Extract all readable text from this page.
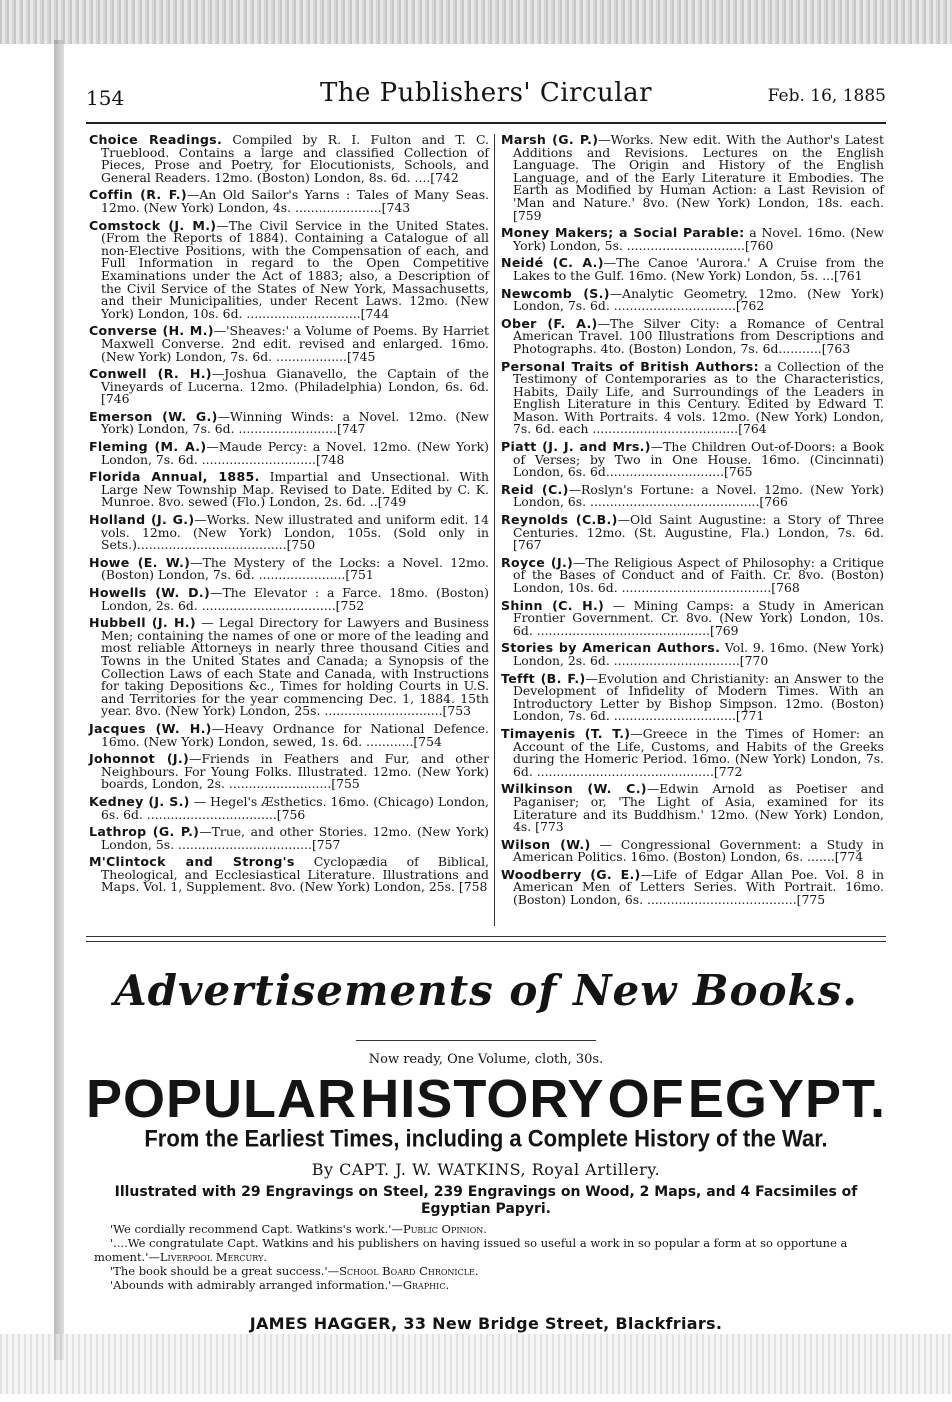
154	The Publishers' Circular	Feb. 16, 1885
Choice Readings. Compiled by R. I. Fulton and T. C. Trueblood. Contains a large and classified Collection of Pieces, Prose and Poetry, for Elocutionists, Schools, and General Readers. 12mo. (Boston) London, 8s. 6d. ....[742
Coffin (R. F.)—An Old Sailor's Yarns : Tales of Many Seas. 12mo. (New York) London, 4s. ......................[743
Comstock (J. M.)—The Civil Service in the United States. (From the Reports of 1884). Containing a Catalogue of all non-Elective Positions, with the Compensation of each, and Full Information in regard to the Open Competitive Examinations under the Act of 1883; also, a Description of the Civil Service of the States of New York, Massachusetts, and their Municipalities, under Recent Laws. 12mo. (New York) London, 10s. 6d. .............................[744
Converse (H. M.)—'Sheaves:' a Volume of Poems. By Harriet Maxwell Converse. 2nd edit. revised and enlarged. 16mo. (New York) London, 7s. 6d. ..................[745
Conwell (R. H.)—Joshua Gianavello, the Captain of the Vineyards of Lucerna. 12mo. (Philadelphia) London, 6s. 6d. [746
Emerson (W. G.)—Winning Winds: a Novel. 12mo. (New York) London, 7s. 6d. .........................[747
Fleming (M. A.)—Maude Percy: a Novel. 12mo. (New York) London, 7s. 6d. .............................[748
Florida Annual, 1885. Impartial and Unsectional. With Large New Township Map. Revised to Date. Edited by C. K. Munroe. 8vo. sewed (Flo.) London, 2s. 6d. ..[749
Holland (J. G.)—Works. New illustrated and uniform edit. 14 vols. 12mo. (New York) London, 105s. (Sold only in Sets.)......................................[750
Howe (E. W.)—The Mystery of the Locks: a Novel. 12mo. (Boston) London, 7s. 6d. ......................[751
Howells (W. D.)—The Elevator : a Farce. 18mo. (Boston) London, 2s. 6d. ..................................[752
Hubbell (J. H.) — Legal Directory for Lawyers and Business Men; containing the names of one or more of the leading and most reliable Attorneys in nearly three thousand Cities and Towns in the United States and Canada; a Synopsis of the Collection Laws of each State and Canada, with Instructions for taking Depositions &c., Times for holding Courts in U.S. and Territories for the year commencing Dec. 1, 1884. 15th year. 8vo. (New York) London, 25s. ..............................[753
Jacques (W. H.)—Heavy Ordnance for National Defence. 16mo. (New York) London, sewed, 1s. 6d. ............[754
Johonnot (J.)—Friends in Feathers and Fur, and other Neighbours. For Young Folks. Illustrated. 12mo. (New York) boards, London, 2s. ..........................[755
Kedney (J. S.) — Hegel's Æsthetics. 16mo. (Chicago) London, 6s. 6d. .................................[756
Lathrop (G. P.)—True, and other Stories. 12mo. (New York) London, 5s. ..................................[757
M'Clintock and Strong's Cyclopædia of Biblical, Theological, and Ecclesiastical Literature. Illustrations and Maps. Vol. 1, Supplement. 8vo. (New York) London, 25s. [758
Marsh (G. P.)—Works. New edit. With the Author's Latest Additions and Revisions. Lectures on the English Language. The Origin and History of the English Language, and of the Early Literature it Embodies. The Earth as Modified by Human Action: a Last Revision of 'Man and Nature.' 8vo. (New York) London, 18s. each. [759
Money Makers; a Social Parable: a Novel. 16mo. (New York) London, 5s. ..............................[760
Neidé (C. A.)—The Canoe 'Aurora.' A Cruise from the Lakes to the Gulf. 16mo. (New York) London, 5s. ...[761
Newcomb (S.)—Analytic Geometry. 12mo. (New York) London, 7s. 6d. ...............................[762
Ober (F. A.)—The Silver City: a Romance of Central American Travel. 100 Illustrations from Descriptions and Photographs. 4to. (Boston) London, 7s. 6d...........[763
Personal Traits of British Authors: a Collection of the Testimony of Contemporaries as to the Characteristics, Habits, Daily Life, and Surroundings of the Leaders in English Literature in this Century. Edited by Edward T. Mason. With Portraits. 4 vols. 12mo. (New York) London, 7s. 6d. each .....................................[764
Piatt (J. J. and Mrs.)—The Children Out-of-Doors: a Book of Verses; by Two in One House. 16mo. (Cincinnati) London, 6s. 6d..............................[765
Reid (C.)—Roslyn's Fortune: a Novel. 12mo. (New York) London, 6s. ...........................................[766
Reynolds (C.B.)—Old Saint Augustine: a Story of Three Centuries. 12mo. (St. Augustine, Fla.) London, 7s. 6d. [767
Royce (J.)—The Religious Aspect of Philosophy: a Critique of the Bases of Conduct and of Faith. Cr. 8vo. (Boston) London, 10s. 6d. ......................................[768
Shinn (C. H.) — Mining Camps: a Study in American Frontier Government. Cr. 8vo. (New York) London, 10s. 6d. ............................................[769
Stories by American Authors. Vol. 9. 16mo. (New York) London, 2s. 6d. ................................[770
Tefft (B. F.)—Evolution and Christianity: an Answer to the Development of Infidelity of Modern Times. With an Introductory Letter by Bishop Simpson. 12mo. (Boston) London, 7s. 6d. ...............................[771
Timayenis (T. T.)—Greece in the Times of Homer: an Account of the Life, Customs, and Habits of the Greeks during the Homeric Period. 16mo. (New York) London, 7s. 6d. .............................................[772
Wilkinson (W. C.)—Edwin Arnold as Poetiser and Paganiser; or, 'The Light of Asia, examined for its Literature and its Buddhism.' 12mo. (New York) London, 4s. [773
Wilson (W.) — Congressional Government: a Study in American Politics. 16mo. (Boston) London, 6s. .......[774
Woodberry (G. E.)—Life of Edgar Allan Poe. Vol. 8 in American Men of Letters Series. With Portrait. 16mo. (Boston) London, 6s. ......................................[775
Advertisements of New Books.
Now ready, One Volume, cloth, 30s.
POPULAR HISTORY OF EGYPT.
From the Earliest Times, including a Complete History of the War.
By CAPT. J. W. WATKINS, Royal Artillery.
Illustrated with 29 Engravings on Steel, 239 Engravings on Wood, 2 Maps, and 4 Facsimiles of Egyptian Papyri.
'We cordially recommend Capt. Watkins's work.'—Public Opinion.
'....We congratulate Capt. Watkins and his publishers on having issued so useful a work in so popular a form at so opportune a moment.'—Liverpool Mercury.
'The book should be a great success.'—School Board Chronicle.
'Abounds with admirably arranged information.'—Graphic.
JAMES HAGGER, 33 New Bridge Street, Blackfriars.
